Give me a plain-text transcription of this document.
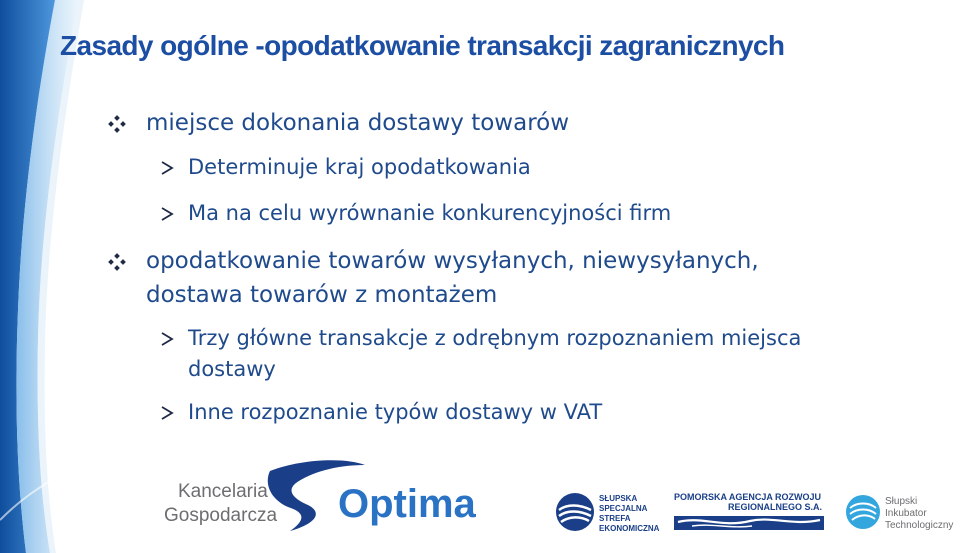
Zasady ogólne -opodatkowanie transakcji zagranicznych
miejsce dokonania dostawy towarów
Determinuje kraj opodatkowania
Ma na celu wyrównanie konkurencyjności firm
opodatkowanie towarów wysyłanych, niewysyłanych,
dostawa towarów z montażem
Trzy główne transakcje z odrębnym rozpoznaniem miejsca
dostawy
Inne rozpoznanie typów dostawy w VAT
Kancelaria
Gospodarcza Optima	SŁUPSKA
SPECJALNA
STREFA
EKONOMICZNA
POMORSKA AGENCJA ROZWOJU
REGIONALNEGO S.A.	Słupski
Inkubator
Technologiczny
